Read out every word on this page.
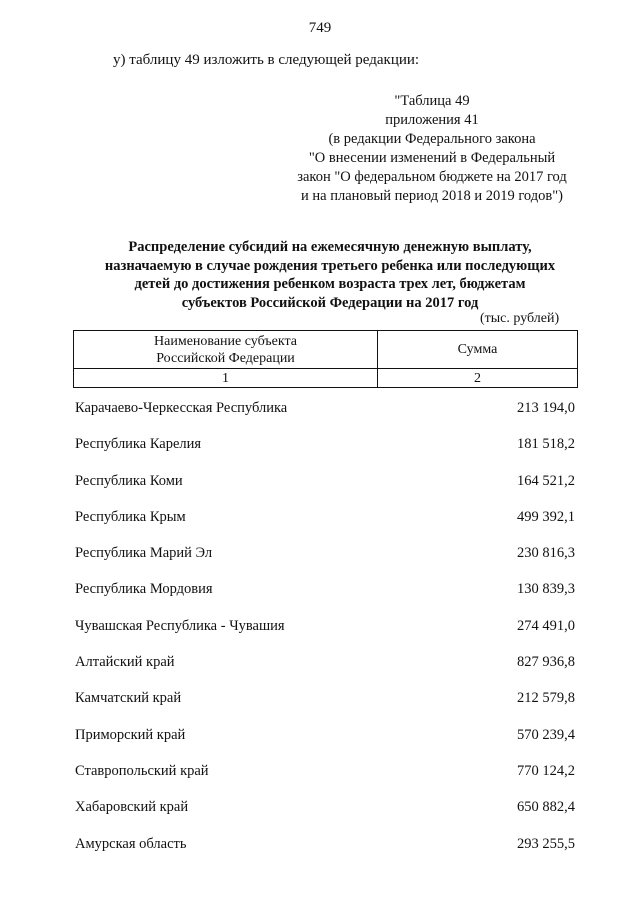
749
у) таблицу 49 изложить в следующей редакции:
"Таблица 49
приложения 41
(в редакции Федерального закона
"О внесении изменений в Федеральный
закон "О федеральном бюджете на 2017 год
и на плановый период 2018 и 2019 годов")
Распределение субсидий на ежемесячную денежную выплату,
назначаемую в случае рождения третьего ребенка или последующих
детей до достижения ребенком возраста трех лет, бюджетам
субъектов Российской Федерации на 2017 год
(тыс. рублей)
Наименование субъекта
Российской Федерации	Сумма
1	2
Карачаево-Черкесская Республика	213 194,0
Республика Карелия	181 518,2
Республика Коми	164 521,2
Республика Крым	499 392,1
Республика Марий Эл	230 816,3
Республика Мордовия	130 839,3
Чувашская Республика - Чувашия	274 491,0
Алтайский край	827 936,8
Камчатский край	212 579,8
Приморский край	570 239,4
Ставропольский край	770 124,2
Хабаровский край	650 882,4
Амурская область	293 255,5
